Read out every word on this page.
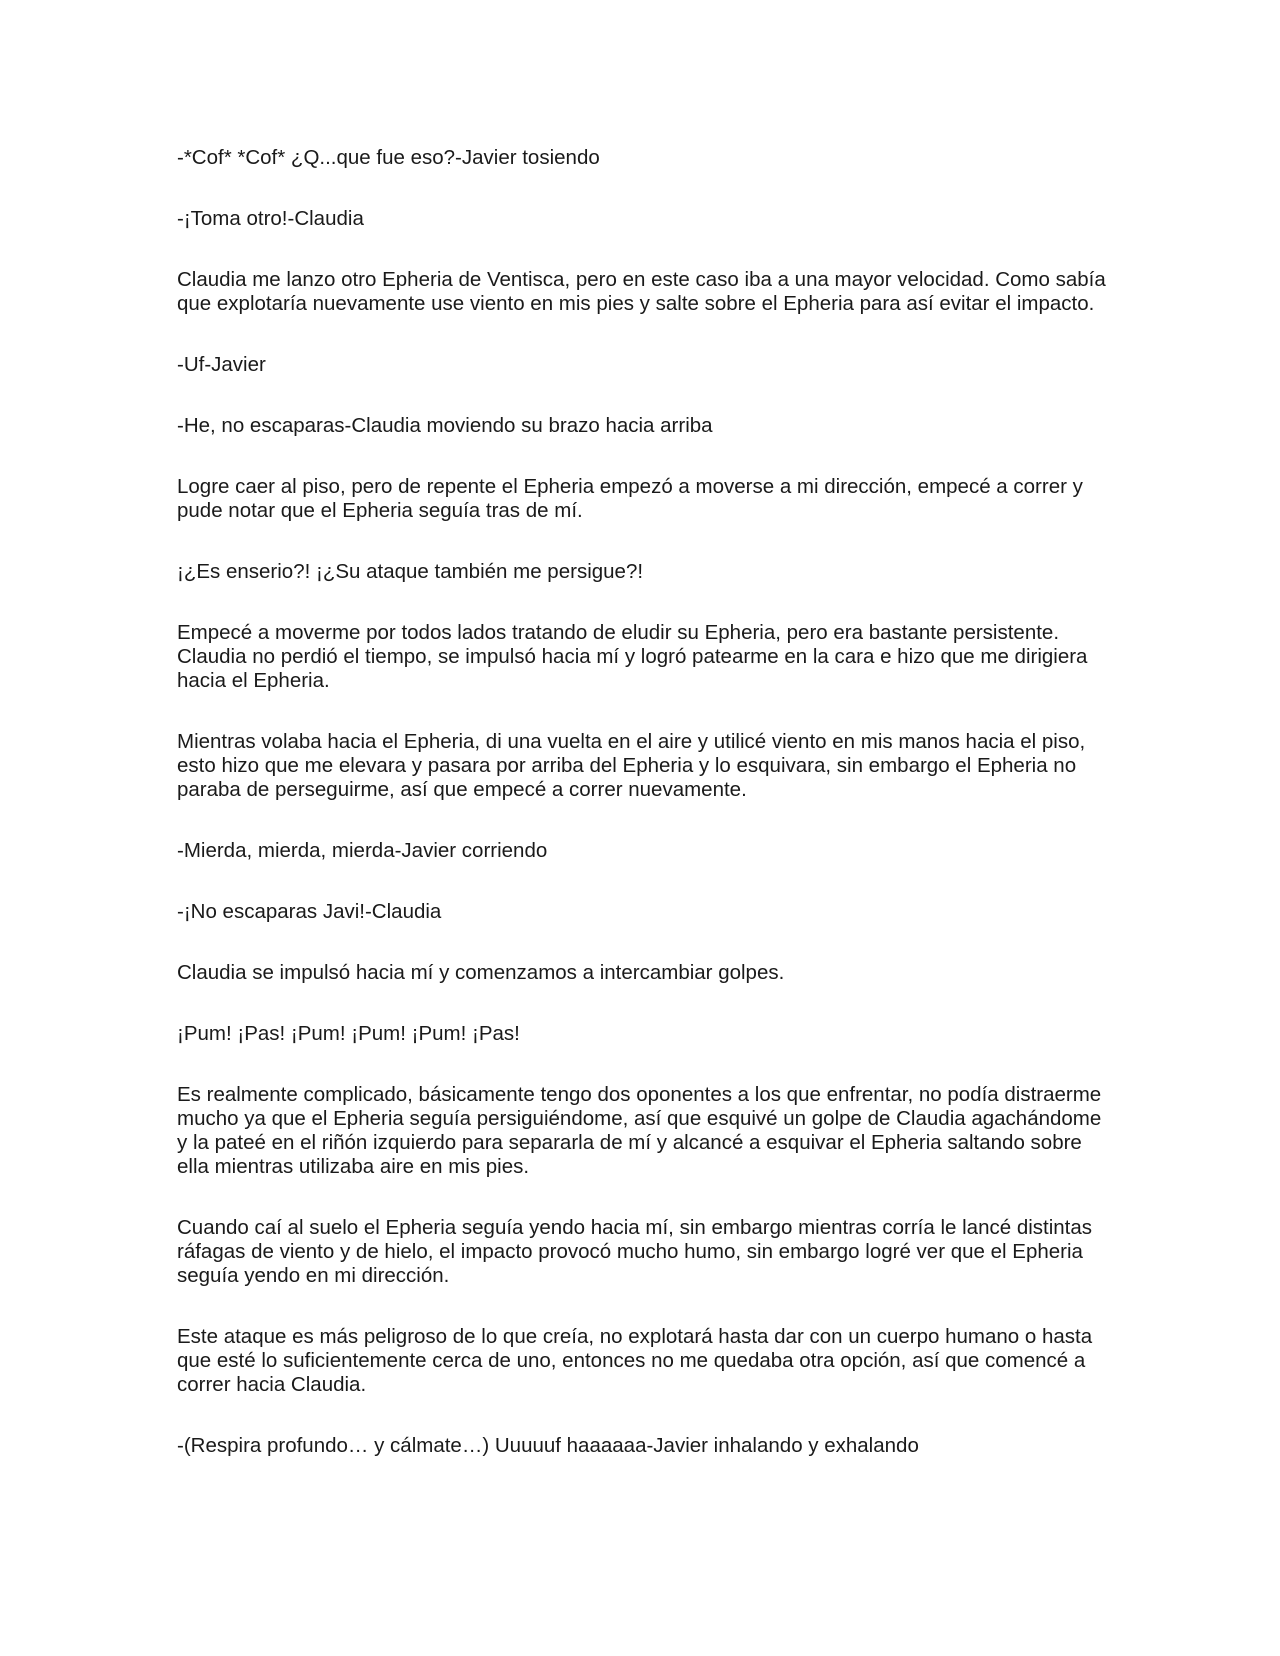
-*Cof* *Cof* ¿Q...que fue eso?-Javier tosiendo

-¡Toma otro!-Claudia

Claudia me lanzo otro Epheria de Ventisca, pero en este caso iba a una mayor velocidad. Como sabía que explotaría nuevamente use viento en mis pies y salte sobre el Epheria para así evitar el impacto.

-Uf-Javier

-He, no escaparas-Claudia moviendo su brazo hacia arriba

Logre caer al piso, pero de repente el Epheria empezó a moverse a mi dirección, empecé a correr y pude notar que el Epheria seguía tras de mí.

¡¿Es enserio?! ¡¿Su ataque también me persigue?!

Empecé a moverme por todos lados tratando de eludir su Epheria, pero era bastante persistente. Claudia no perdió el tiempo, se impulsó hacia mí y logró patearme en la cara e hizo que me dirigiera hacia el Epheria.

Mientras volaba hacia el Epheria, di una vuelta en el aire y utilicé viento en mis manos hacia el piso, esto hizo que me elevara y pasara por arriba del Epheria y lo esquivara, sin embargo el Epheria no paraba de perseguirme, así que empecé a correr nuevamente.

-Mierda, mierda, mierda-Javier corriendo

-¡No escaparas Javi!-Claudia

Claudia se impulsó hacia mí y comenzamos a intercambiar golpes.

¡Pum! ¡Pas! ¡Pum! ¡Pum! ¡Pum! ¡Pas!

Es realmente complicado, básicamente tengo dos oponentes a los que enfrentar, no podía distraerme mucho ya que el Epheria seguía persiguiéndome, así que esquivé un golpe de Claudia agachándome y la pateé en el riñón izquierdo para separarla de mí y alcancé a esquivar el Epheria saltando sobre ella mientras utilizaba aire en mis pies.

Cuando caí al suelo el Epheria seguía yendo hacia mí, sin embargo mientras corría le lancé distintas ráfagas de viento y de hielo, el impacto provocó mucho humo, sin embargo logré ver que el Epheria seguía yendo en mi dirección.

Este ataque es más peligroso de lo que creía, no explotará hasta dar con un cuerpo humano o hasta que esté lo suficientemente cerca de uno, entonces no me quedaba otra opción, así que comencé a correr hacia Claudia.

-(Respira profundo… y cálmate…) Uuuuuf haaaaaa-Javier inhalando y exhalando
